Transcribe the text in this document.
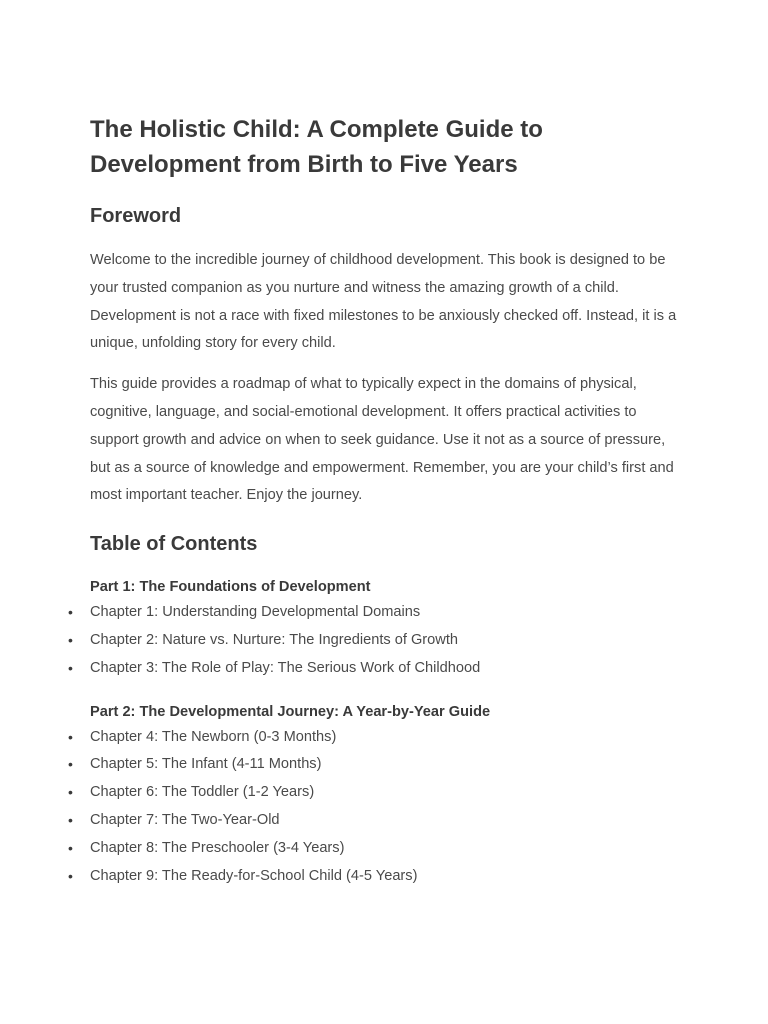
The Holistic Child: A Complete Guide to Development from Birth to Five Years
Foreword

Welcome to the incredible journey of childhood development. This book is designed to be your trusted companion as you nurture and witness the amazing growth of a child. Development is not a race with fixed milestones to be anxiously checked off. Instead, it is a unique, unfolding story for every child.

This guide provides a roadmap of what to typically expect in the domains of physical, cognitive, language, and social-emotional development. It offers practical activities to support growth and advice on when to seek guidance. Use it not as a source of pressure, but as a source of knowledge and empowerment. Remember, you are your child’s first and most important teacher. Enjoy the journey.

Table of Contents

Part 1: The Foundations of Development

• Chapter 1: Understanding Developmental Domains
• Chapter 2: Nature vs. Nurture: The Ingredients of Growth
• Chapter 3: The Role of Play: The Serious Work of Childhood

Part 2: The Developmental Journey: A Year-by-Year Guide

• Chapter 4: The Newborn (0-3 Months)
• Chapter 5: The Infant (4-11 Months)
• Chapter 6: The Toddler (1-2 Years)
• Chapter 7: The Two-Year-Old
• Chapter 8: The Preschooler (3-4 Years)
• Chapter 9: The Ready-for-School Child (4-5 Years)
